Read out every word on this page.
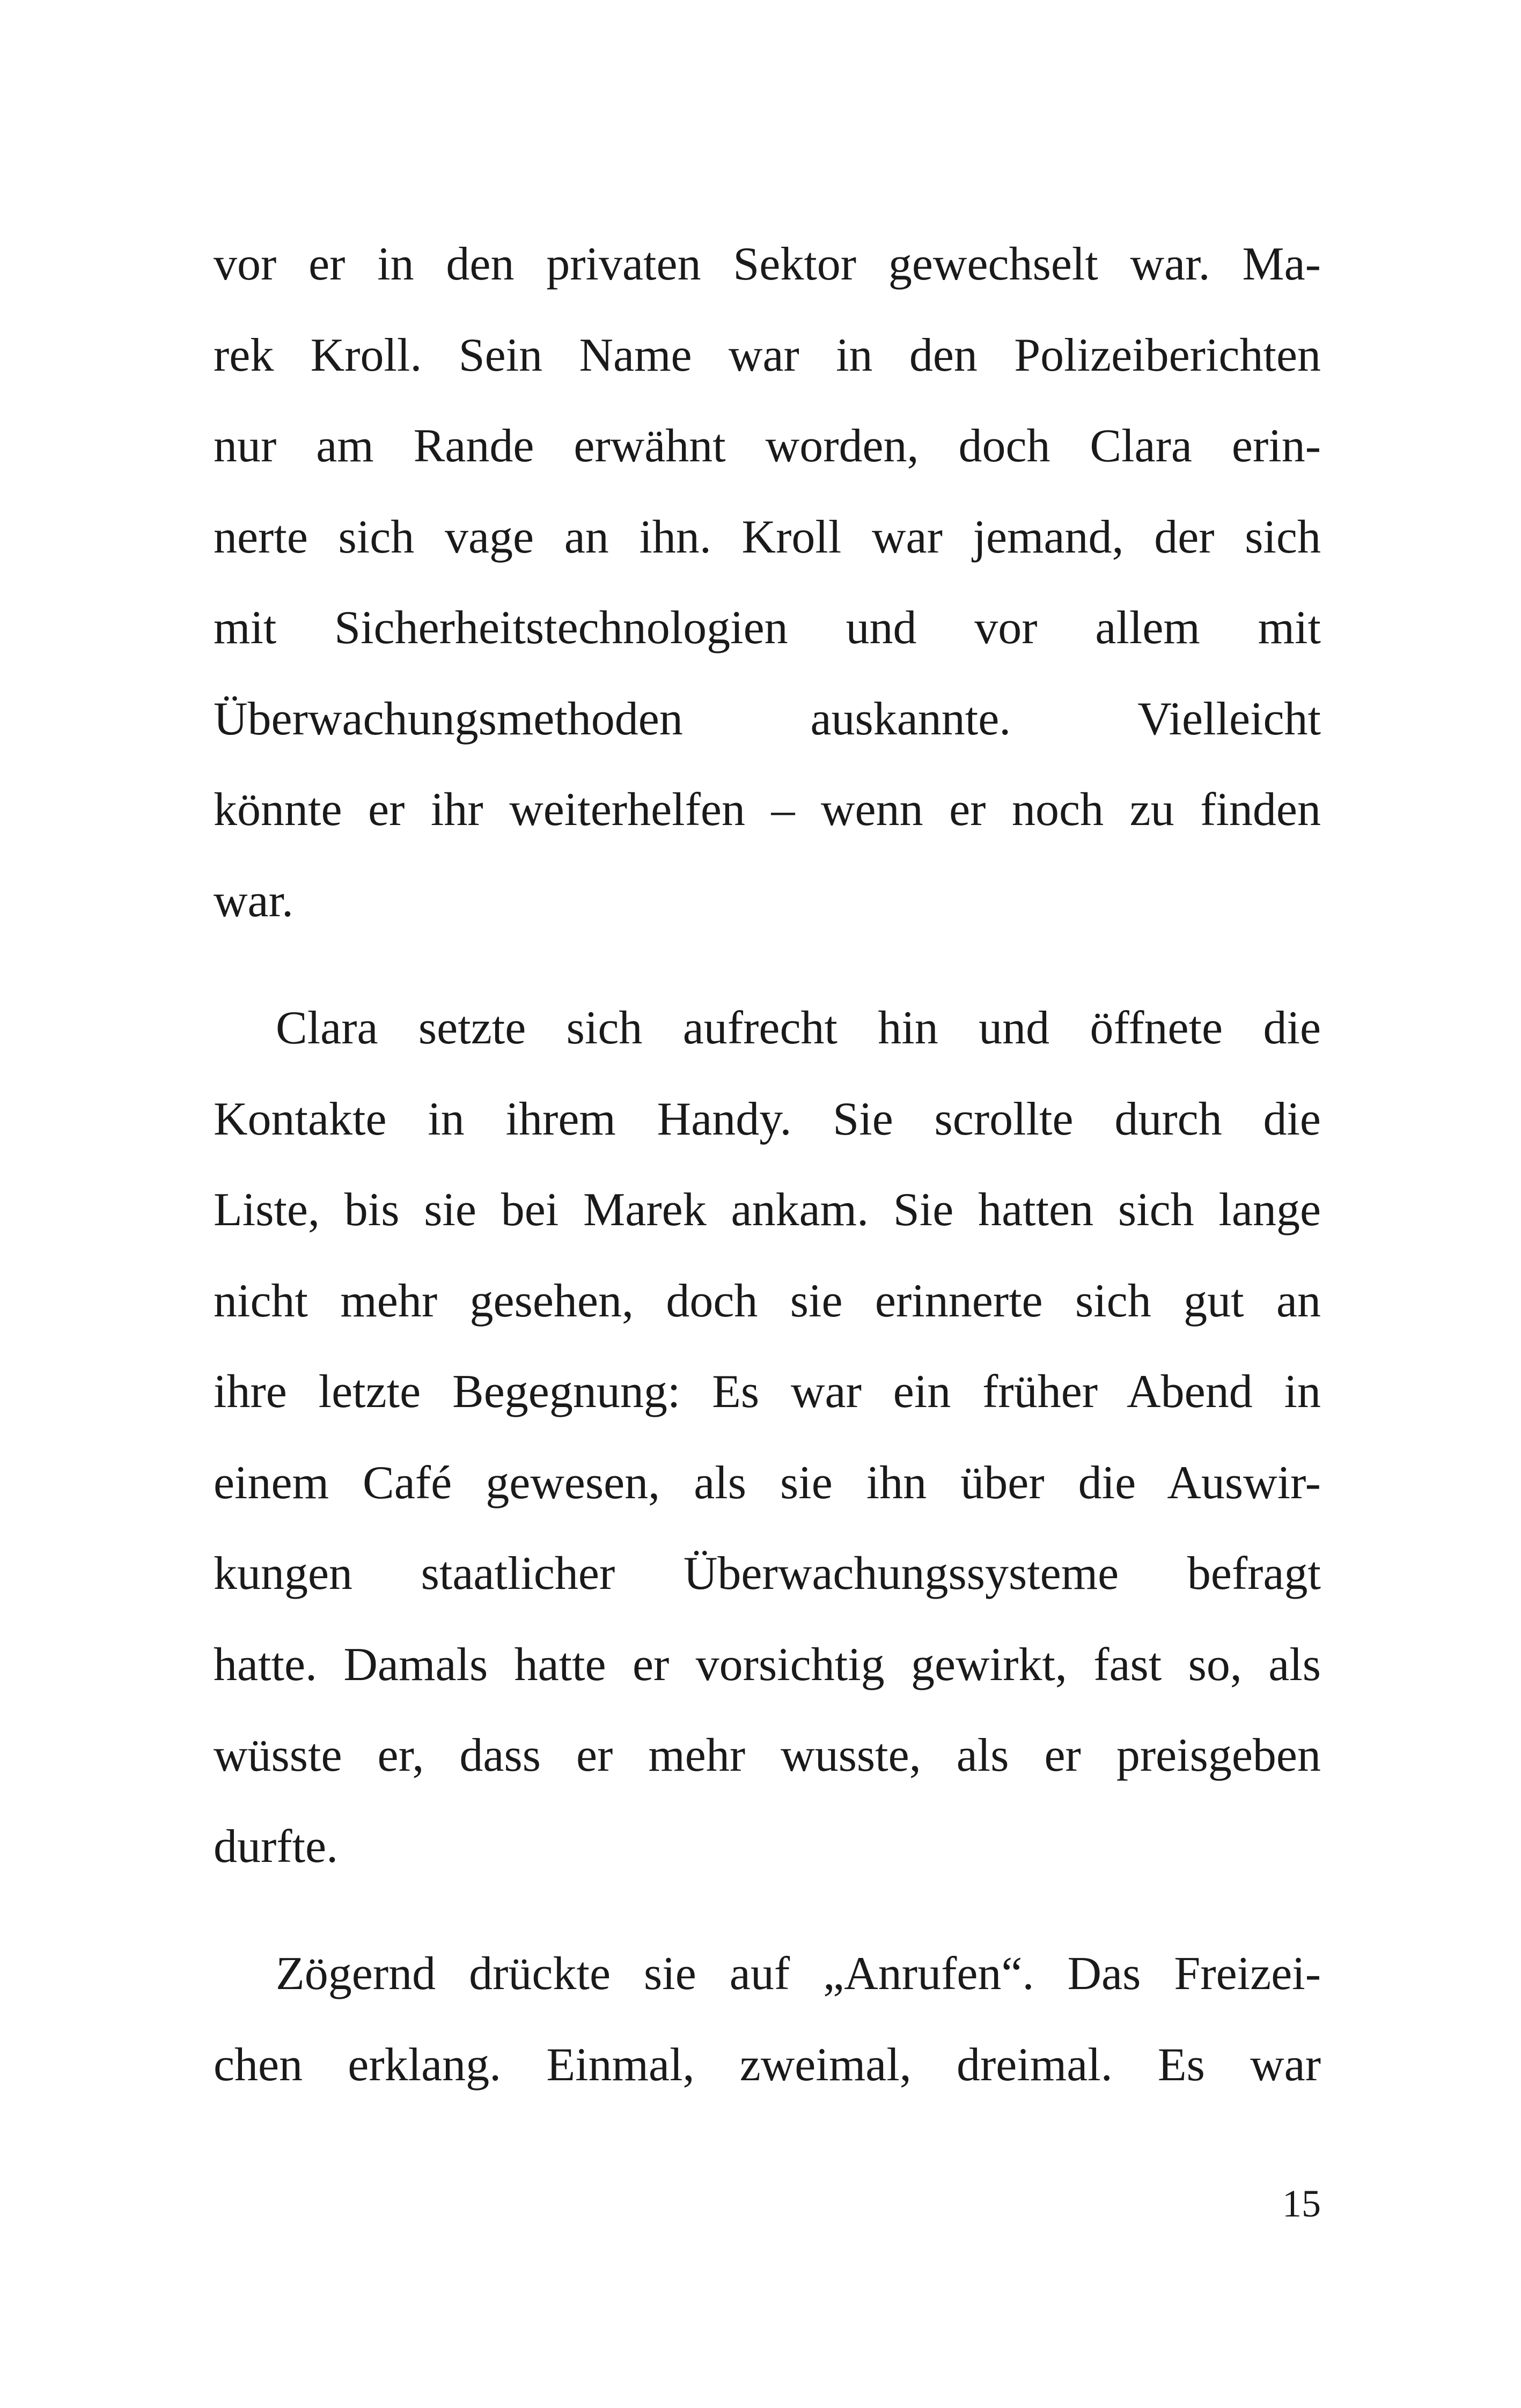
vor er in den privaten Sektor gewechselt war. Ma-
rek Kroll. Sein Name war in den Polizeiberichten
nur am Rande erwähnt worden, doch Clara erin-
nerte sich vage an ihn. Kroll war jemand, der sich
mit Sicherheitstechnologien und vor allem mit
Überwachungsmethoden auskannte. Vielleicht
könnte er ihr weiterhelfen – wenn er noch zu finden
war.
Clara setzte sich aufrecht hin und öffnete die
Kontakte in ihrem Handy. Sie scrollte durch die
Liste, bis sie bei Marek ankam. Sie hatten sich lange
nicht mehr gesehen, doch sie erinnerte sich gut an
ihre letzte Begegnung: Es war ein früher Abend in
einem Café gewesen, als sie ihn über die Auswir-
kungen staatlicher Überwachungssysteme befragt
hatte. Damals hatte er vorsichtig gewirkt, fast so, als
wüsste er, dass er mehr wusste, als er preisgeben
durfte.
Zögernd drückte sie auf „Anrufen“. Das Freizei-
chen erklang. Einmal, zweimal, dreimal. Es war
15
